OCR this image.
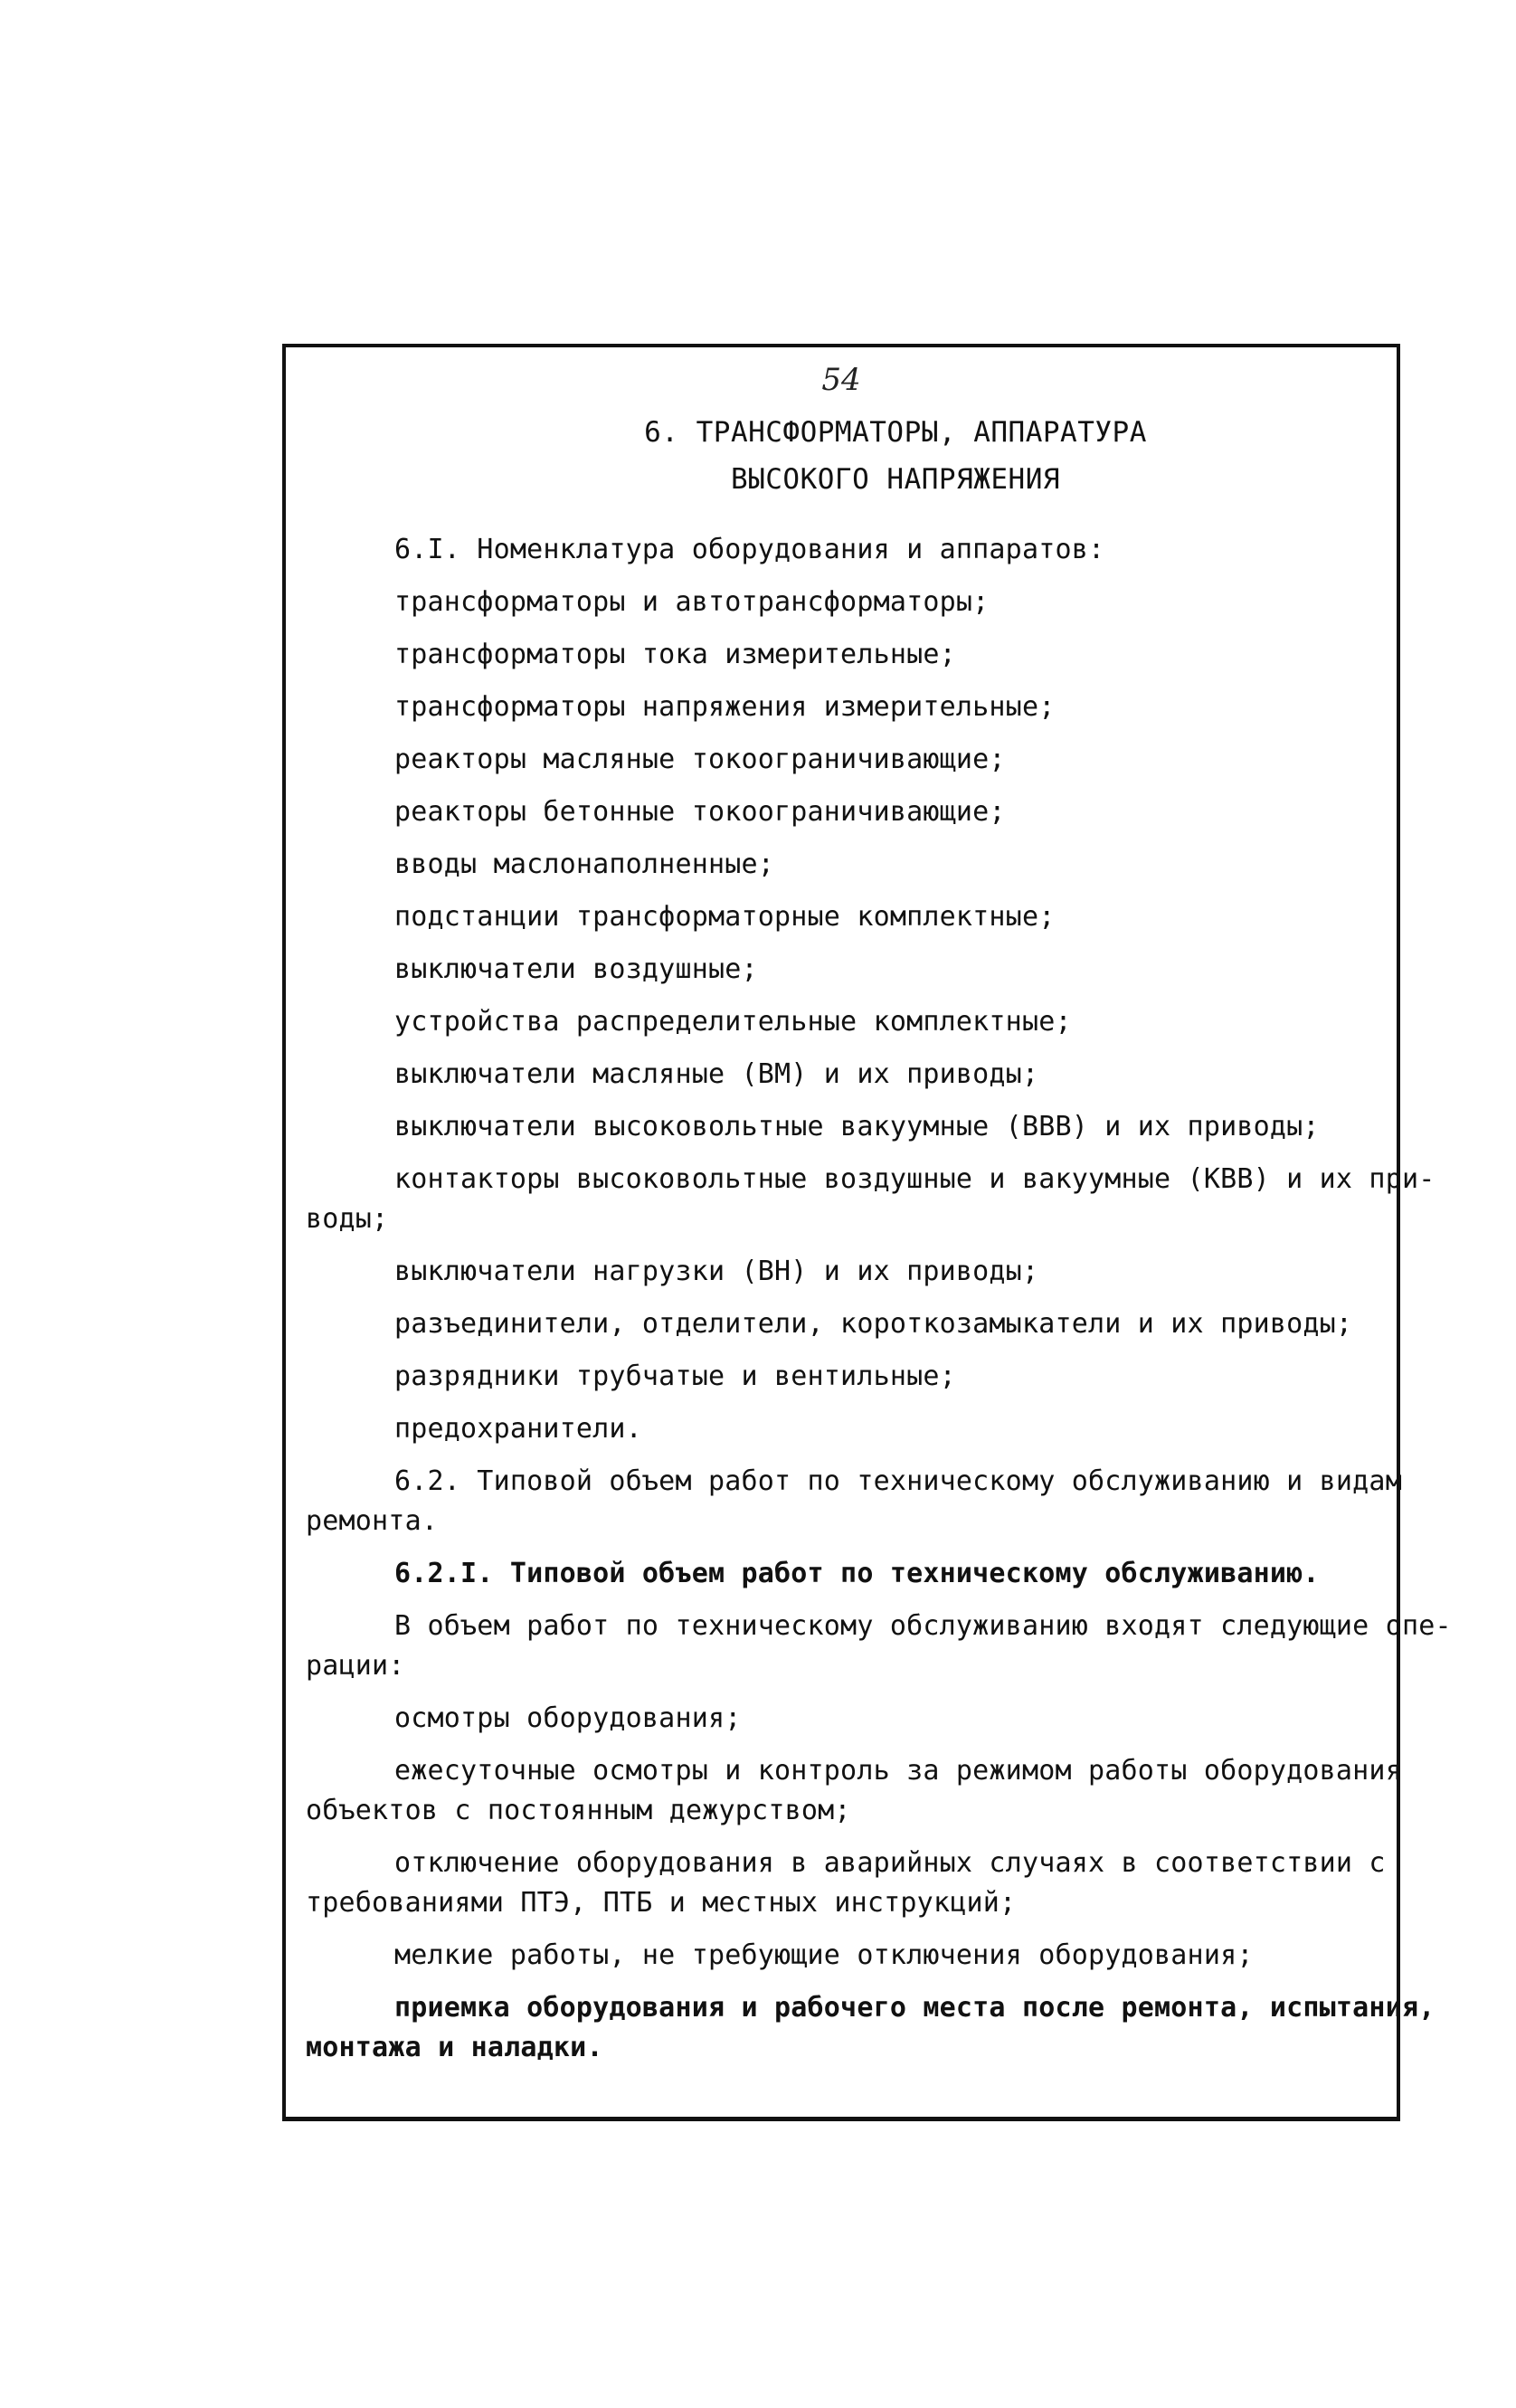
54
6. ТРАНСФОРМАТОРЫ, АППАРАТУРА
ВЫСОКОГО НАПРЯЖЕНИЯ
6.I. Номенклатура оборудования и аппаратов:
трансформаторы и автотрансформаторы;
трансформаторы тока измерительные;
трансформаторы напряжения измерительные;
реакторы масляные токоограничивающие;
реакторы бетонные токоограничивающие;
вводы маслонаполненные;
подстанции трансформаторные комплектные;
выключатели воздушные;
устройства распределительные комплектные;
выключатели масляные (ВМ) и их приводы;
выключатели высоковольтные вакуумные (ВВВ) и их приводы;
контакторы высоковольтные воздушные и вакуумные (КВВ) и их при-
воды;
выключатели нагрузки (ВН) и их приводы;
разъединители, отделители, короткозамыкатели и их приводы;
разрядники трубчатые и вентильные;
предохранители.
6.2. Типовой объем работ по техническому обслуживанию и видам
ремонта.
6.2.I. Типовой объем работ по техническому обслуживанию.
В объем работ по техническому обслуживанию входят следующие опе-
рации:
осмотры оборудования;
ежесуточные осмотры и контроль за режимом работы оборудования
объектов с постоянным дежурством;
отключение оборудования в аварийных случаях в соответствии с
требованиями ПТЭ, ПТБ и местных инструкций;
мелкие работы, не требующие отключения оборудования;
приемка оборудования и рабочего места после ремонта, испытания,
монтажа и наладки.
